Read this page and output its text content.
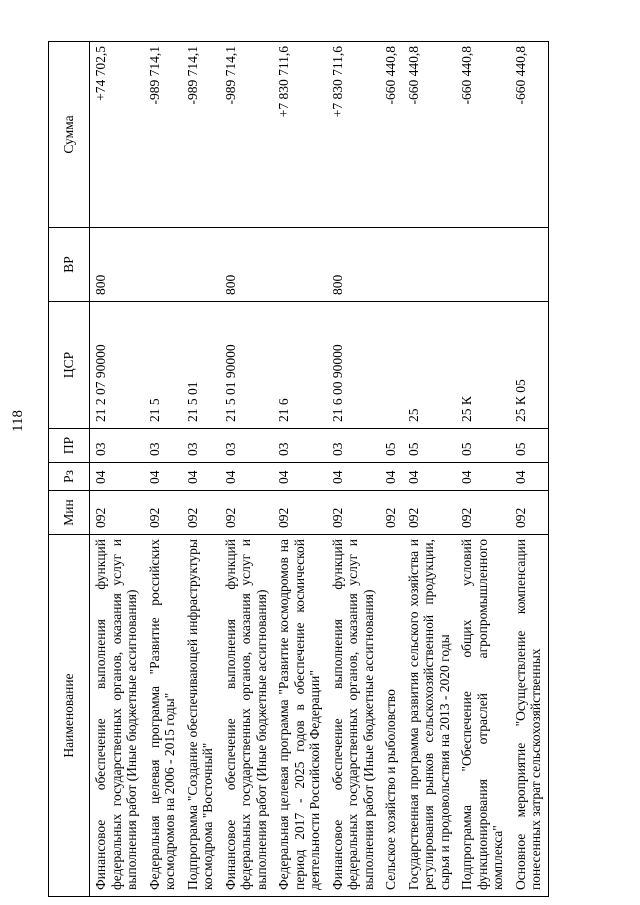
118
Наименование	Мин	Рз	ПР	ЦСР	ВР	Сумма
Финансовое обеспечение выполнения функций федеральных государственных органов, оказания услуг и выполнения работ (Иные бюджетные ассигнования)	092	04	03	21 2 07 90000	800	+74 702,5
Федеральная целевая программа "Развитие российских космодромов на 2006 - 2015 годы"	092	04	03	21 5		-989 714,1
Подпрограмма "Создание обеспечивающей инфраструктуры космодрома "Восточный"	092	04	03	21 5 01		-989 714,1
Финансовое обеспечение выполнения функций федеральных государственных органов, оказания услуг и выполнения работ (Иные бюджетные ассигнования)	092	04	03	21 5 01 90000	800	-989 714,1
Федеральная целевая программа "Развитие космодромов на период 2017 - 2025 годов в обеспечение космической деятельности Российской Федерации"	092	04	03	21 6		+7 830 711,6
Финансовое обеспечение выполнения функций федеральных государственных органов, оказания услуг и выполнения работ (Иные бюджетные ассигнования)	092	04	03	21 6 00 90000	800	+7 830 711,6
Сельское хозяйство и рыболовство	092	04	05			-660 440,8
Государственная программа развития сельского хозяйства и регулирования рынков сельскохозяйственной продукции, сырья и продовольствия на 2013 - 2020 годы	092	04	05	25		-660 440,8
Подпрограмма "Обеспечение общих условий функционирования отраслей агропромышленного комплекса"	092	04	05	25 К		-660 440,8
Основное мероприятие "Осуществление компенсации понесенных затрат сельскохозяйственных	092	04	05	25 К 05		-660 440,8
